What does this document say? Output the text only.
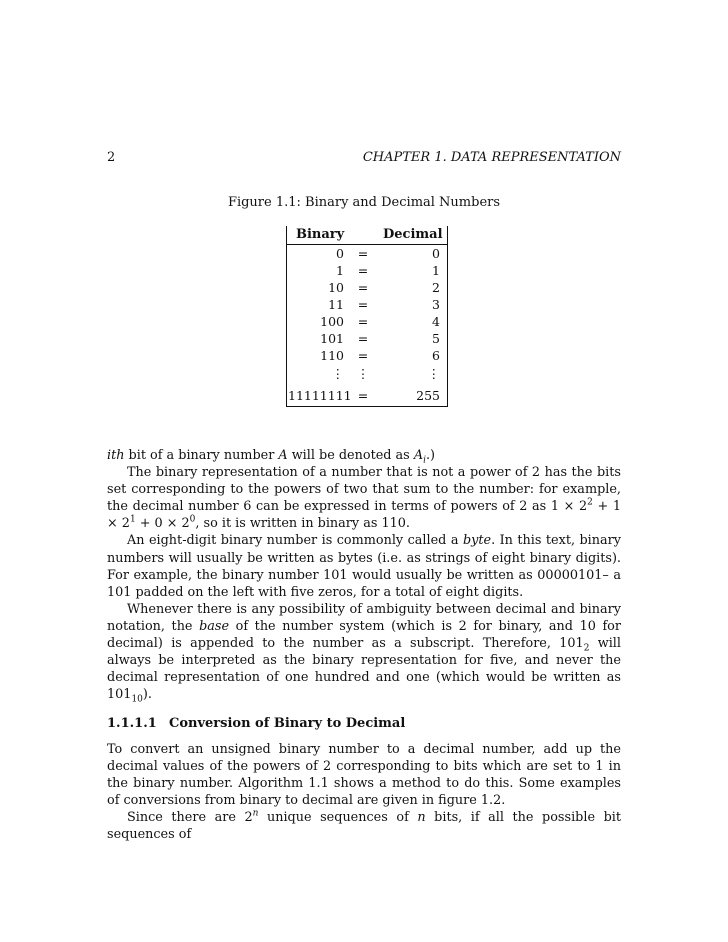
2	CHAPTER 1. DATA REPRESENTATION
Figure 1.1: Binary and Decimal Numbers
Binary	Decimal
0	=	0
1	=	1
10	=	2
11	=	3
100	=	4
101	=	5
110	=	6
⋮	⋮	⋮
11111111 =	255

ith bit of a binary number A will be denoted as $A_i$.)

The binary representation of a number that is not a power of 2 has the bits set corresponding to the powers of two that sum to the number: for example, the decimal number 6 can be expressed in terms of powers of 2 as $1 \times 2^2 + 1 \times 2^1 + 0 \times 2^0$, so it is written in binary as 110.

An eight-digit binary number is commonly called a byte. In this text, binary numbers will usually be written as bytes (i.e. as strings of eight binary digits). For example, the binary number 101 would usually be written as 00000101– a 101 padded on the left with five zeros, for a total of eight digits.

Whenever there is any possibility of ambiguity between decimal and binary notation, the base of the number system (which is 2 for binary, and 10 for decimal) is appended to the number as a subscript. Therefore, $101_2$ will always be interpreted as the binary representation for five, and never the decimal representation of one hundred and one (which would be written as $101_{10}$).

1.1.1.1 Conversion of Binary to Decimal

To convert an unsigned binary number to a decimal number, add up the decimal values of the powers of 2 corresponding to bits which are set to 1 in the binary number. Algorithm 1.1 shows a method to do this. Some examples of conversions from binary to decimal are given in figure 1.2.

Since there are 2$^n$ unique sequences of n bits, if all the possible bit sequences of
